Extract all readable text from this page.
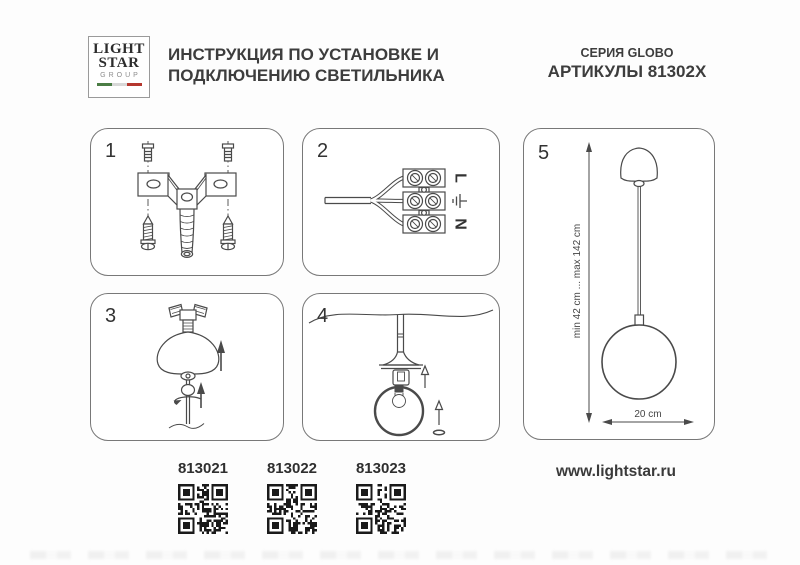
LIGHT
STAR
GROUP
ИНСТРУКЦИЯ ПО УСТАНОВКЕ И
ПОДКЛЮЧЕНИЮ СВЕТИЛЬНИКА
СЕРИЯ GLOBO
АРТИКУЛЫ 81302X
1
L
N
2
3	4	min 42 cm ... max 142 cm
20 cm
5
813021	813022	813023	www.lightstar.ru
